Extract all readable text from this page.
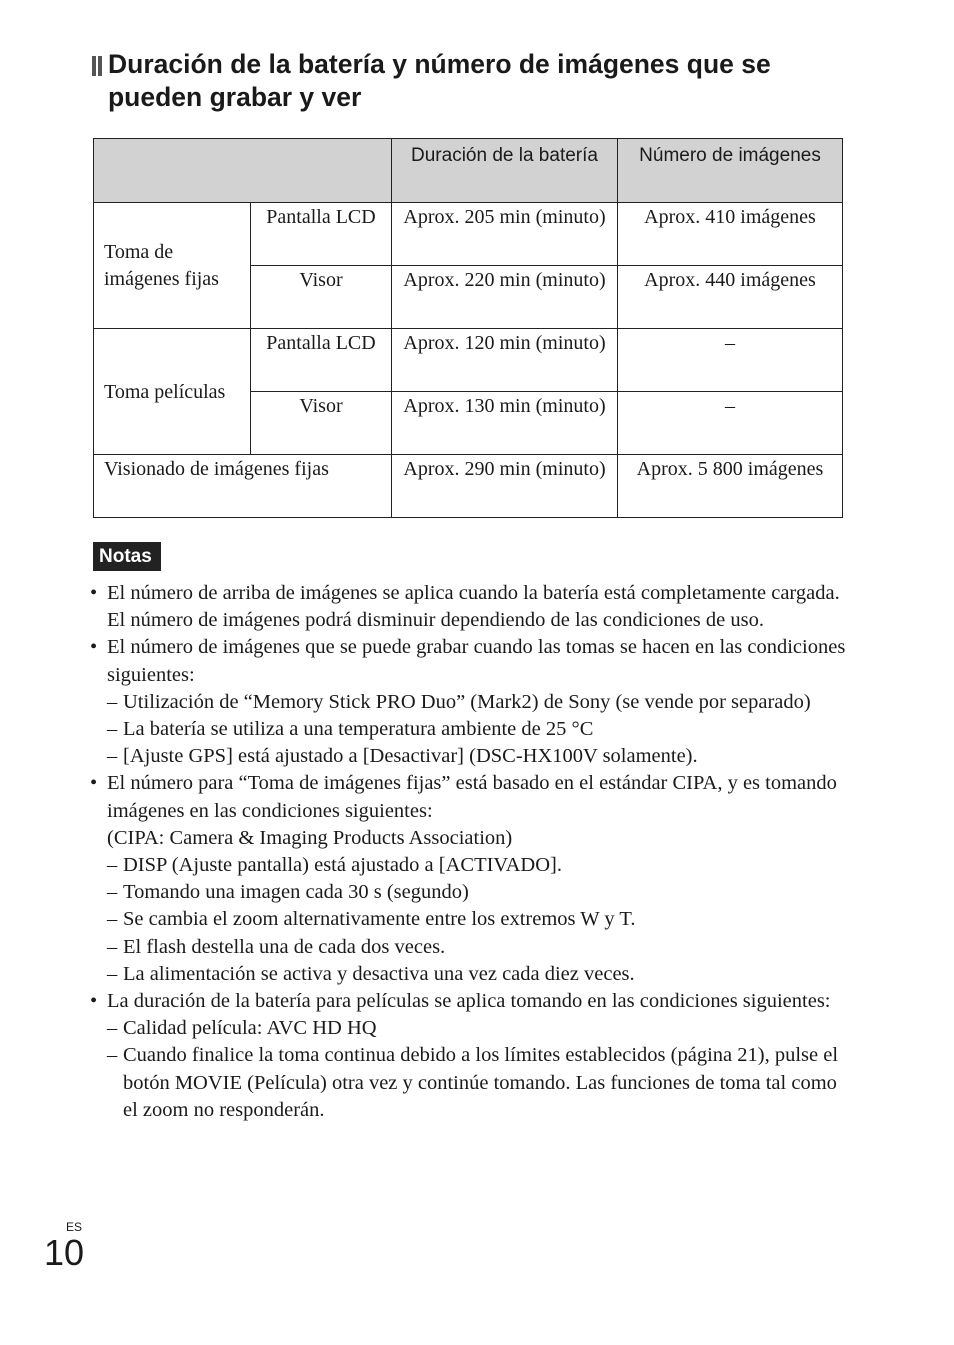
Duración de la batería y número de imágenes que se pueden grabar y ver
		Duración de la batería	Número de imágenes

Toma de imágenes fijas	Pantalla LCD	Aprox. 205 min (minuto)	Aprox. 410 imágenes

	Visor	Aprox. 220 min (minuto)	Aprox. 440 imágenes

Toma películas	Pantalla LCD	Aprox. 120 min (minuto)	–

	Visor	Aprox. 130 min (minuto)	–

Visionado de imágenes fijas		Aprox. 290 min (minuto)	Aprox. 5 800 imágenes
Notas
• El número de arriba de imágenes se aplica cuando la batería está completamente cargada. El número de imágenes podrá disminuir dependiendo de las condiciones de uso.
• El número de imágenes que se puede grabar cuando las tomas se hacen en las condiciones siguientes:
– Utilización de “Memory Stick PRO Duo” (Mark2) de Sony (se vende por separado)
– La batería se utiliza a una temperatura ambiente de 25 °C
– [Ajuste GPS] está ajustado a [Desactivar] (DSC-HX100V solamente).
• El número para “Toma de imágenes fijas” está basado en el estándar CIPA, y es tomando imágenes en las condiciones siguientes:
(CIPA: Camera & Imaging Products Association)
– DISP (Ajuste pantalla) está ajustado a [ACTIVADO].
– Tomando una imagen cada 30 s (segundo)
– Se cambia el zoom alternativamente entre los extremos W y T.
– El flash destella una de cada dos veces.
– La alimentación se activa y desactiva una vez cada diez veces.
• La duración de la batería para películas se aplica tomando en las condiciones siguientes:
– Calidad película: AVC HD HQ
– Cuando finalice la toma continua debido a los límites establecidos (página 21), pulse el botón MOVIE (Película) otra vez y continúe tomando. Las funciones de toma tal como el zoom no responderán.
ES
10
